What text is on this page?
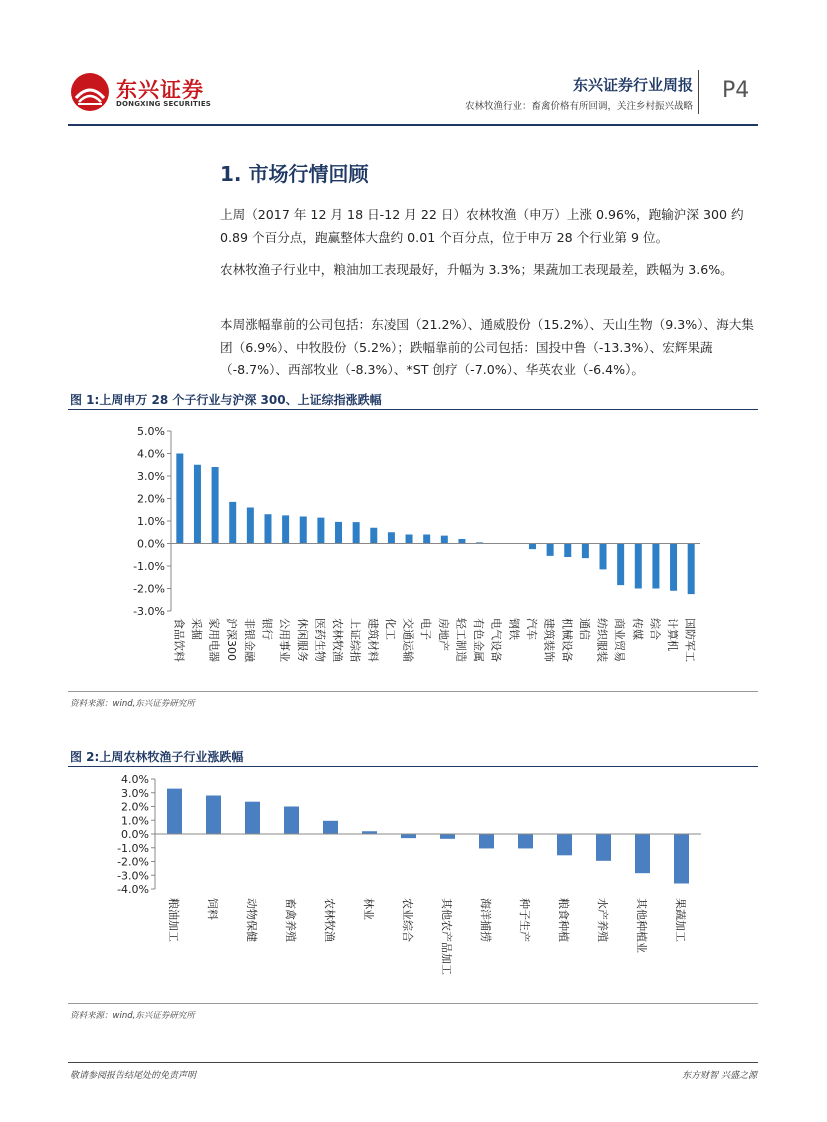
东兴证券
DONGXING SECURITIES
东兴证券行业周报
农林牧渔行业：畜禽价格有所回调，关注乡村振兴战略
P4
1. 市场行情回顾

上周（2017 年 12 月 18 日-12 月 22 日）农林牧渔（申万）上涨 0.96%，跑输沪深 300 约 0.89 个百分点，跑赢整体大盘约 0.01 个百分点，位于申万 28 个行业第 9 位。

农林牧渔子行业中，粮油加工表现最好，升幅为 3.3%；果蔬加工表现最差，跌幅为 3.6%。

本周涨幅靠前的公司包括：东凌国（21.2%）、通威股份（15.2%）、天山生物（9.3%）、海大集团（6.9%）、中牧股份（5.2%）；跌幅靠前的公司包括：国投中鲁（-13.3%）、宏辉果蔬（-8.7%）、西部牧业（-8.3%）、*ST 创疗（-7.0%）、华英农业（-6.4%）。

图 1:上周申万 28 个子行业与沪深 300、上证综指涨跌幅
5.0%
4.0%
3.0%
2.0%
1.0%
0.0%
-1.0%
-2.0%
-3.0%
食品饮料 采掘 家用电器 沪深300 非银金融 银行 公用事业 休闲服务 医药生物 农林牧渔 上证综指 建筑材料 化工 交通运输 电子 房地产 轻工制造 有色金属 电气设备 钢铁 汽车 建筑装饰 机械设备 通信 纺织服装 商业贸易 传媒 综合 计算机 国防军工
资料来源：wind,东兴证券研究所
图 2:上周农林牧渔子行业涨跌幅
4.0%
3.0%
2.0%
1.0%
0.0%
-1.0%
-2.0%
-3.0%
-4.0%
粮油加工 饲料 动物保健 畜禽养殖 农林牧渔 林业 农业综合 其他农产品加工 海洋捕捞 种子生产 粮食种植 水产养殖 其他种植业 果蔬加工
资料来源：wind,东兴证券研究所
敬请参阅报告结尾处的免责声明	东方财智 兴盛之源
